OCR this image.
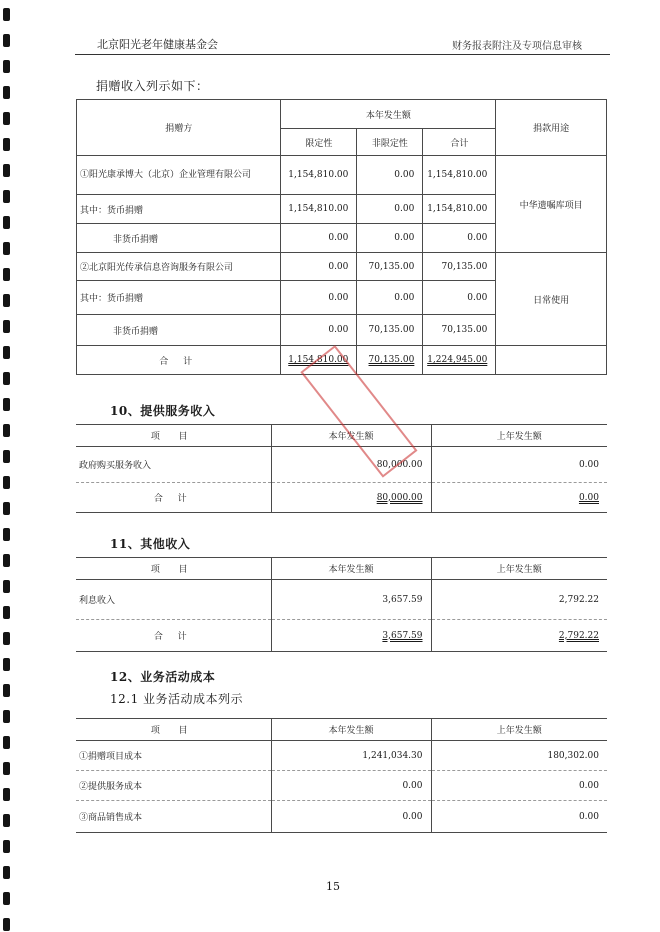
北京阳光老年健康基金会	财务报表附注及专项信息审核
捐赠收入列示如下：
捐赠方	本年发生额			捐款用途
	限定性	非限定性	合计	
①阳光康承博大（北京）企业管理有限公司	1,154,810.00	0.00	1,154,810.00	中华遗嘱库项目
其中：货币捐赠	1,154,810.00	0.00	1,154,810.00	
非货币捐赠	0.00	0.00	0.00	
②北京阳光传承信息咨询服务有限公司	0.00	70,135.00	70,135.00	日常使用
其中：货币捐赠	0.00	0.00	0.00	
非货币捐赠	0.00	70,135.00	70,135.00	
合 计	1,154,810.00	70,135.00	1,224,945.00	
10、提供服务收入
项 目	本年发生额	上年发生额
政府购买服务收入	80,000.00	0.00
合 计	80,000.00	0.00
11、其他收入
项 目	本年发生额	上年发生额
利息收入	3,657.59	2,792.22
合 计	3,657.59	2,792.22
12、业务活动成本
12.1 业务活动成本列示
项 目	本年发生额	上年发生额
①捐赠项目成本	1,241,034.30	180,302.00
②提供服务成本	0.00	0.00
③商品销售成本	0.00	0.00
15
